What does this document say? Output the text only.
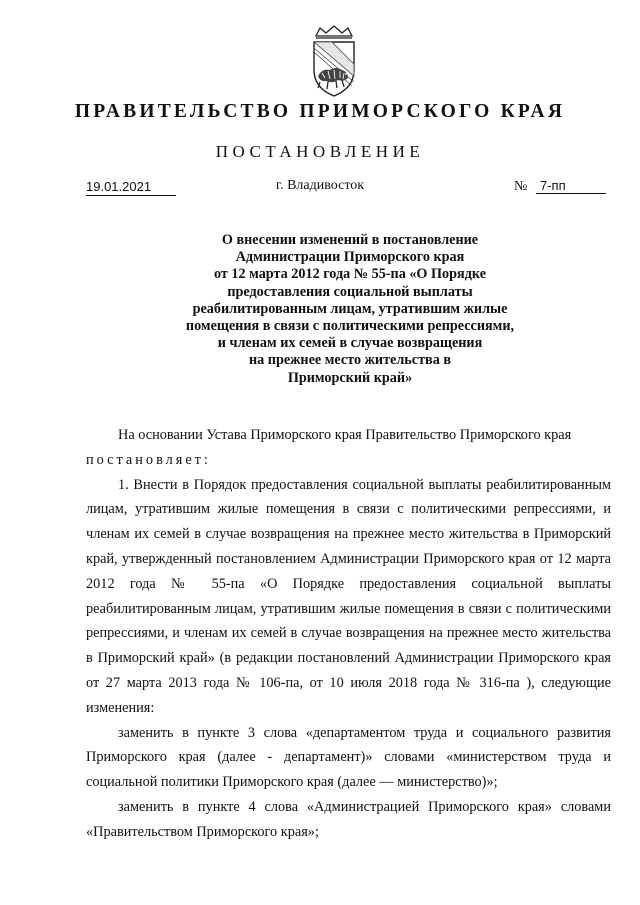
ПРАВИТЕЛЬСТВО ПРИМОРСКОГО КРАЯ
ПОСТАНОВЛЕНИЕ
19.01.2021	г. Владивосток	№ 7-пп
О внесении изменений в постановление
Администрации Приморского края
от 12 марта 2012 года № 55-па «О Порядке
предоставления социальной выплаты
реабилитированным лицам, утратившим жилые
помещения в связи с политическими репрессиями,
и членам их семей в случае возвращения
на прежнее место жительства в
Приморский край»

На основании Устава Приморского края Правительство Приморского края

постановляет:

1. Внести в Порядок предоставления социальной выплаты реабилитированным лицам, утратившим жилые помещения в связи с политическими репрессиями, и членам их семей в случае возвращения на прежнее место жительства в Приморский край, утвержденный постановлением Администрации Приморского края от 12 марта 2012 года № 55-па «О Порядке предоставления социальной выплаты реабилитированным лицам, утратившим жилые помещения в связи с политическими репрессиями, и членам их семей в случае возвращения на прежнее место жительства в Приморский край» (в редакции постановлений Администрации Приморского края от 27 марта 2013 года № 106-па, от 10 июля 2018 года № 316-па ), следующие изменения:

заменить в пункте 3 слова «департаментом труда и социального развития Приморского края (далее - департамент)» словами «министерством труда и социальной политики Приморского края (далее — министерство)»;

заменить в пункте 4 слова «Администрацией Приморского края» словами «Правительством Приморского края»;
